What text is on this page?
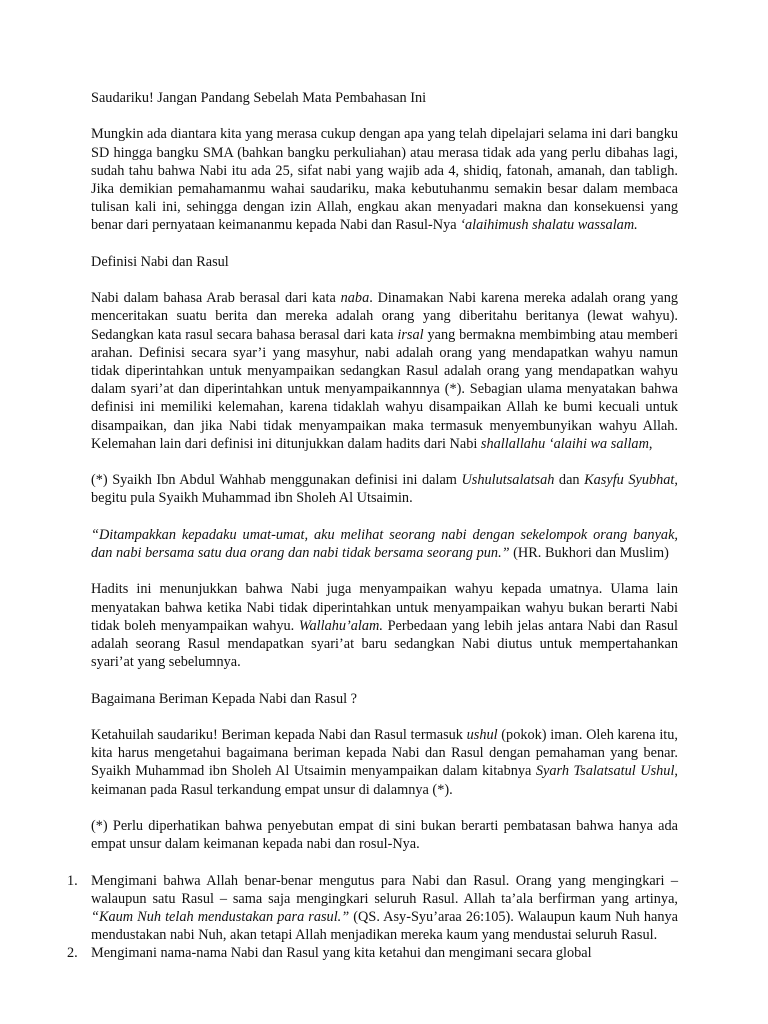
Saudariku! Jangan Pandang Sebelah Mata Pembahasan Ini

Mungkin ada diantara kita yang merasa cukup dengan apa yang telah dipelajari selama ini dari bangku SD hingga bangku SMA (bahkan bangku perkuliahan) atau merasa tidak ada yang perlu dibahas lagi, sudah tahu bahwa Nabi itu ada 25, sifat nabi yang wajib ada 4, shidiq, fatonah, amanah, dan tabligh. Jika demikian pemahamanmu wahai saudariku, maka kebutuhanmu semakin besar dalam membaca tulisan kali ini, sehingga dengan izin Allah, engkau akan menyadari makna dan konsekuensi yang benar dari pernyataan keimananmu kepada Nabi dan Rasul-Nya ‘alaihimush shalatu wassalam.

Definisi Nabi dan Rasul

Nabi dalam bahasa Arab berasal dari kata naba. Dinamakan Nabi karena mereka adalah orang yang menceritakan suatu berita dan mereka adalah orang yang diberitahu beritanya (lewat wahyu). Sedangkan kata rasul secara bahasa berasal dari kata irsal yang bermakna membimbing atau memberi arahan. Definisi secara syar’i yang masyhur, nabi adalah orang yang mendapatkan wahyu namun tidak diperintahkan untuk menyampaikan sedangkan Rasul adalah orang yang mendapatkan wahyu dalam syari’at dan diperintahkan untuk menyampaikannnya (*). Sebagian ulama menyatakan bahwa definisi ini memiliki kelemahan, karena tidaklah wahyu disampaikan Allah ke bumi kecuali untuk disampaikan, dan jika Nabi tidak menyampaikan maka termasuk menyembunyikan wahyu Allah. Kelemahan lain dari definisi ini ditunjukkan dalam hadits dari Nabi shallallahu ‘alaihi wa sallam,

(*) Syaikh Ibn Abdul Wahhab menggunakan definisi ini dalam Ushulutsalatsah dan Kasyfu Syubhat, begitu pula Syaikh Muhammad ibn Sholeh Al Utsaimin.

“Ditampakkan kepadaku umat-umat, aku melihat seorang nabi dengan sekelompok orang banyak, dan nabi bersama satu dua orang dan nabi tidak bersama seorang pun.” (HR. Bukhori dan Muslim)

Hadits ini menunjukkan bahwa Nabi juga menyampaikan wahyu kepada umatnya. Ulama lain menyatakan bahwa ketika Nabi tidak diperintahkan untuk menyampaikan wahyu bukan berarti Nabi tidak boleh menyampaikan wahyu. Wallahu’alam. Perbedaan yang lebih jelas antara Nabi dan Rasul adalah seorang Rasul mendapatkan syari’at baru sedangkan Nabi diutus untuk mempertahankan syari’at yang sebelumnya.

Bagaimana Beriman Kepada Nabi dan Rasul ?

Ketahuilah saudariku! Beriman kepada Nabi dan Rasul termasuk ushul (pokok) iman. Oleh karena itu, kita harus mengetahui bagaimana beriman kepada Nabi dan Rasul dengan pemahaman yang benar. Syaikh Muhammad ibn Sholeh Al Utsaimin menyampaikan dalam kitabnya Syarh Tsalatsatul Ushul, keimanan pada Rasul terkandung empat unsur di dalamnya (*).

(*) Perlu diperhatikan bahwa penyebutan empat di sini bukan berarti pembatasan bahwa hanya ada empat unsur dalam keimanan kepada nabi dan rosul-Nya.

1. Mengimani bahwa Allah benar-benar mengutus para Nabi dan Rasul. Orang yang mengingkari – walaupun satu Rasul – sama saja mengingkari seluruh Rasul. Allah ta’ala berfirman yang artinya, “Kaum Nuh telah mendustakan para rasul.” (QS. Asy-Syu’araa 26:105). Walaupun kaum Nuh hanya mendustakan nabi Nuh, akan tetapi Allah menjadikan mereka kaum yang mendustai seluruh Rasul.
2. Mengimani nama-nama Nabi dan Rasul yang kita ketahui dan mengimani secara global
